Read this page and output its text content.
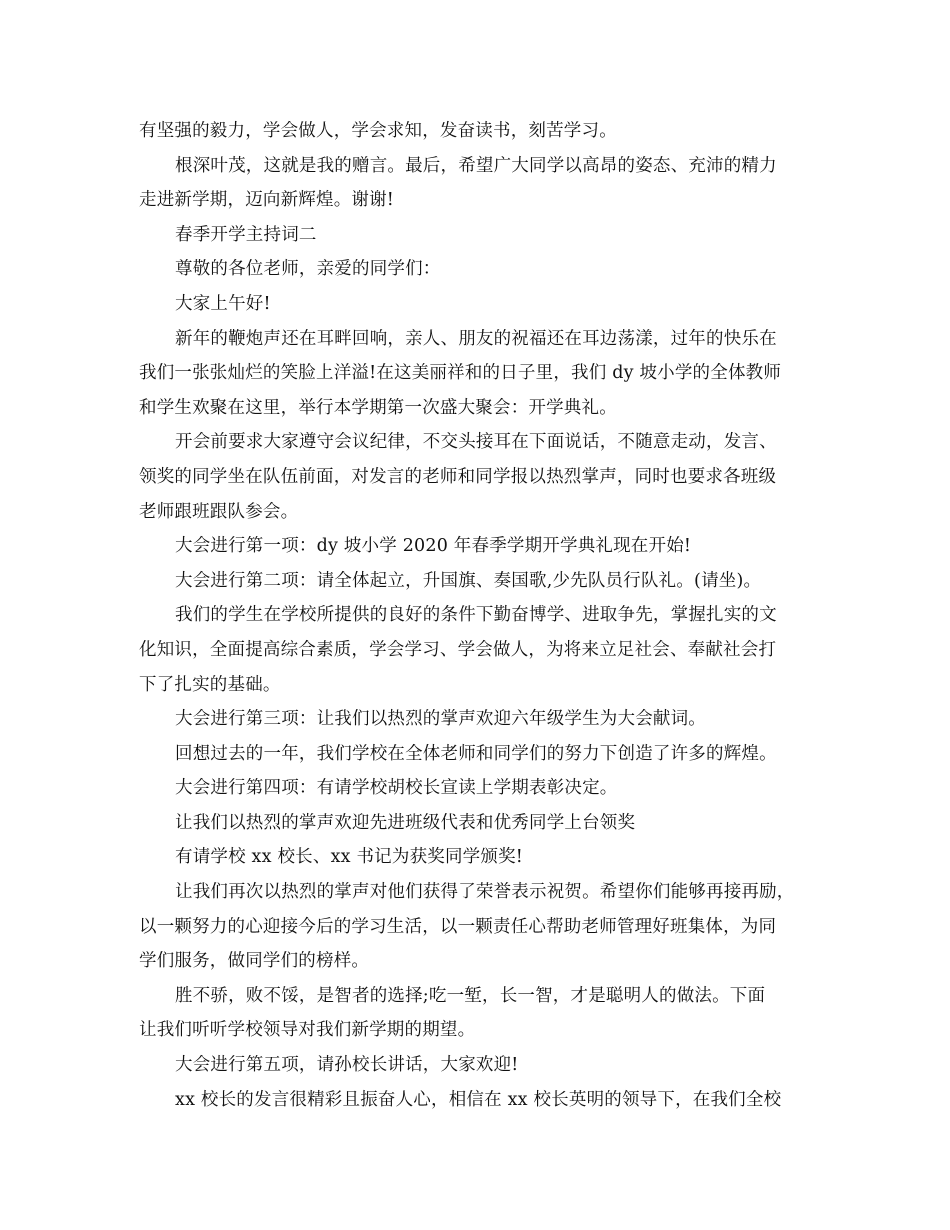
有坚强的毅力，学会做人，学会求知，发奋读书，刻苦学习。
根深叶茂，这就是我的赠言。最后，希望广大同学以高昂的姿态、充沛的精力
走进新学期，迈向新辉煌。谢谢!
春季开学主持词二
尊敬的各位老师，亲爱的同学们：
大家上午好!
新年的鞭炮声还在耳畔回响，亲人、朋友的祝福还在耳边荡漾，过年的快乐在
我们一张张灿烂的笑脸上洋溢!在这美丽祥和的日子里，我们 dy 坡小学的全体教师
和学生欢聚在这里，举行本学期第一次盛大聚会：开学典礼。
开会前要求大家遵守会议纪律，不交头接耳在下面说话，不随意走动，发言、
领奖的同学坐在队伍前面，对发言的老师和同学报以热烈掌声，同时也要求各班级
老师跟班跟队参会。
大会进行第一项：dy 坡小学 2020 年春季学期开学典礼现在开始!
大会进行第二项：请全体起立，升国旗、奏国歌,少先队员行队礼。(请坐)。
我们的学生在学校所提供的良好的条件下勤奋博学、进取争先，掌握扎实的文
化知识，全面提高综合素质，学会学习、学会做人，为将来立足社会、奉献社会打
下了扎实的基础。
大会进行第三项：让我们以热烈的掌声欢迎六年级学生为大会献词。
回想过去的一年，我们学校在全体老师和同学们的努力下创造了许多的辉煌。
大会进行第四项：有请学校胡校长宣读上学期表彰决定。
让我们以热烈的掌声欢迎先进班级代表和优秀同学上台领奖
有请学校 xx 校长、xx 书记为获奖同学颁奖!
让我们再次以热烈的掌声对他们获得了荣誉表示祝贺。希望你们能够再接再励，
以一颗努力的心迎接今后的学习生活，以一颗责任心帮助老师管理好班集体，为同
学们服务，做同学们的榜样。
胜不骄，败不馁，是智者的选择;吃一堑，长一智，才是聪明人的做法。下面
让我们听听学校领导对我们新学期的期望。
大会进行第五项，请孙校长讲话，大家欢迎!
xx 校长的发言很精彩且振奋人心，相信在 xx 校长英明的领导下，在我们全校
